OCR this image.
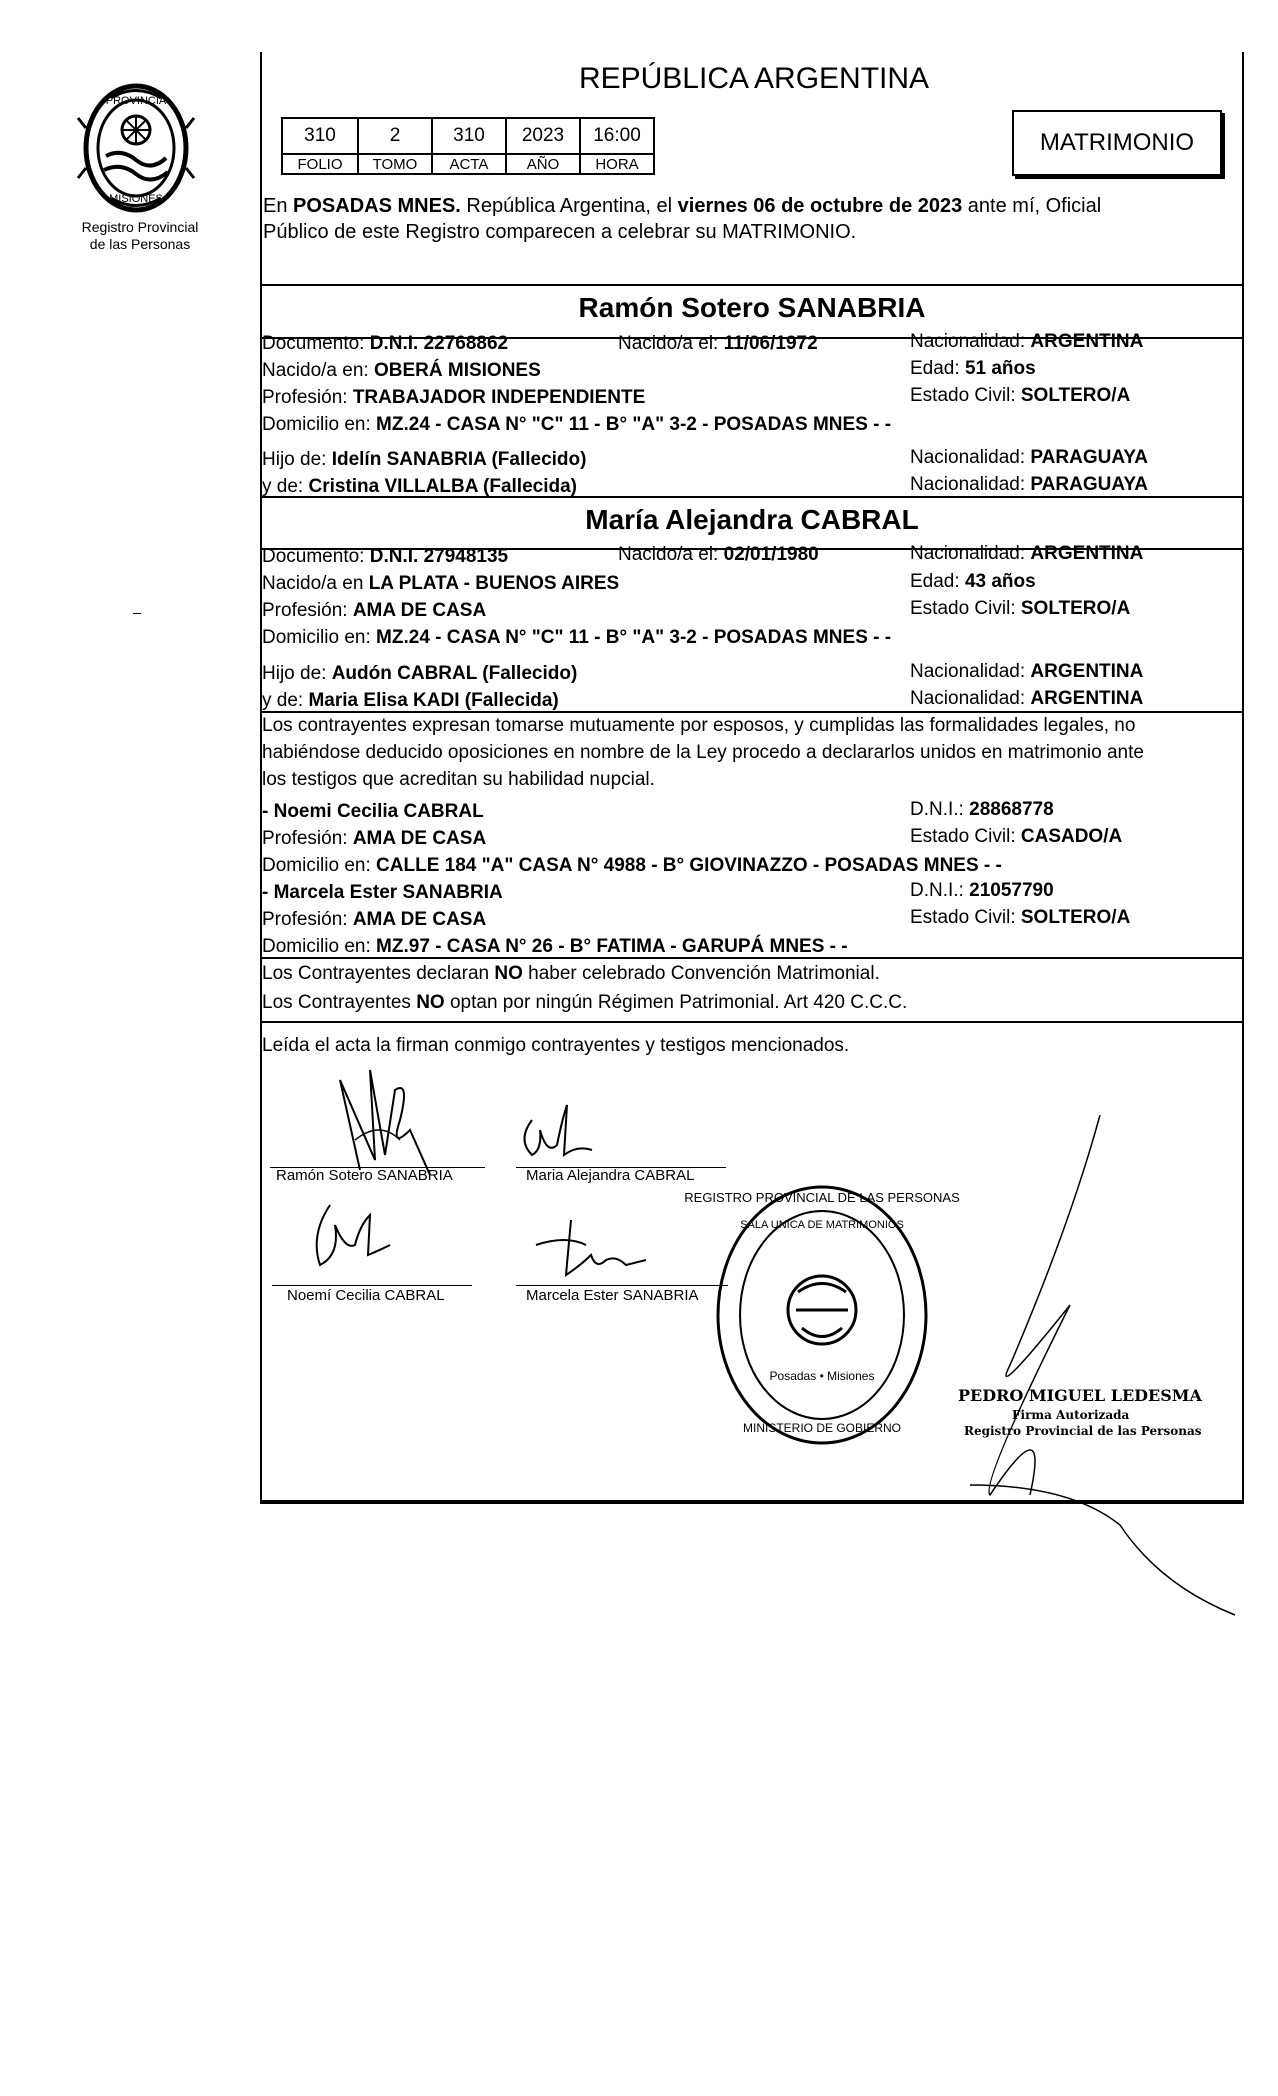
PROVINCIA
MISIONES
Registro Provincial
de las Personas
REPÚBLICA ARGENTINA
310	2	310	2023	16:00
FOLIO	TOMO	ACTA	AÑO	HORA
MATRIMONIO
En POSADAS MNES. República Argentina, el viernes 06 de octubre de 2023 ante mí, Oficial
Público de este Registro comparecen a celebrar su MATRIMONIO.
Ramón Sotero SANABRIA
Documento: D.N.I. 22768862	Nacido/a el: 11/06/1972	Nacionalidad: ARGENTINA
Nacido/a en: OBERÁ MISIONES	Edad: 51 años
Profesión: TRABAJADOR INDEPENDIENTE	Estado Civil: SOLTERO/A
Domicilio en: MZ.24 - CASA N° "C" 11 - B° "A" 3-2 - POSADAS MNES - -
Hijo de: Idelín SANABRIA (Fallecido)	Nacionalidad: PARAGUAYA
y de: Cristina VILLALBA (Fallecida)	Nacionalidad: PARAGUAYA
María Alejandra CABRAL
Documento: D.N.I. 27948135	Nacido/a el: 02/01/1980	Nacionalidad: ARGENTINA
Nacido/a en LA PLATA - BUENOS AIRES	Edad: 43 años
Profesión: AMA DE CASA	Estado Civil: SOLTERO/A
Domicilio en: MZ.24 - CASA N° "C" 11 - B° "A" 3-2 - POSADAS MNES - -
Hijo de: Audón CABRAL (Fallecido)	Nacionalidad: ARGENTINA
y de: Maria Elisa KADI (Fallecida)	Nacionalidad: ARGENTINA
Los contrayentes expresan tomarse mutuamente por esposos, y cumplidas las formalidades legales, no
habiéndose deducido oposiciones en nombre de la Ley procedo a declararlos unidos en matrimonio ante
los testigos que acreditan su habilidad nupcial.
- Noemi Cecilia CABRAL	D.N.I.: 28868778
Profesión: AMA DE CASA	Estado Civil: CASADO/A
Domicilio en: CALLE 184 "A" CASA N° 4988 - B° GIOVINAZZO - POSADAS MNES - -
- Marcela Ester SANABRIA	D.N.I.: 21057790
Profesión: AMA DE CASA	Estado Civil: SOLTERO/A
Domicilio en: MZ.97 - CASA N° 26 - B° FATIMA - GARUPÁ MNES - -
Los Contrayentes declaran NO haber celebrado Convención Matrimonial.
Los Contrayentes NO optan por ningún Régimen Patrimonial. Art 420 C.C.C.
Leída el acta la firman conmigo contrayentes y testigos mencionados.
Ramón Sotero SANABRIA	Maria Alejandra CABRAL
Noemí Cecilia CABRAL	Marcela Ester SANABRIA
REGISTRO PROVINCIAL DE LAS PERSONAS
SALA UNICA DE MATRIMONIOS
Posadas • Misiones
MINISTERIO DE GOBIERNO
PEDRO MIGUEL LEDESMA
Firma Autorizada
Registro Provincial de las Personas
